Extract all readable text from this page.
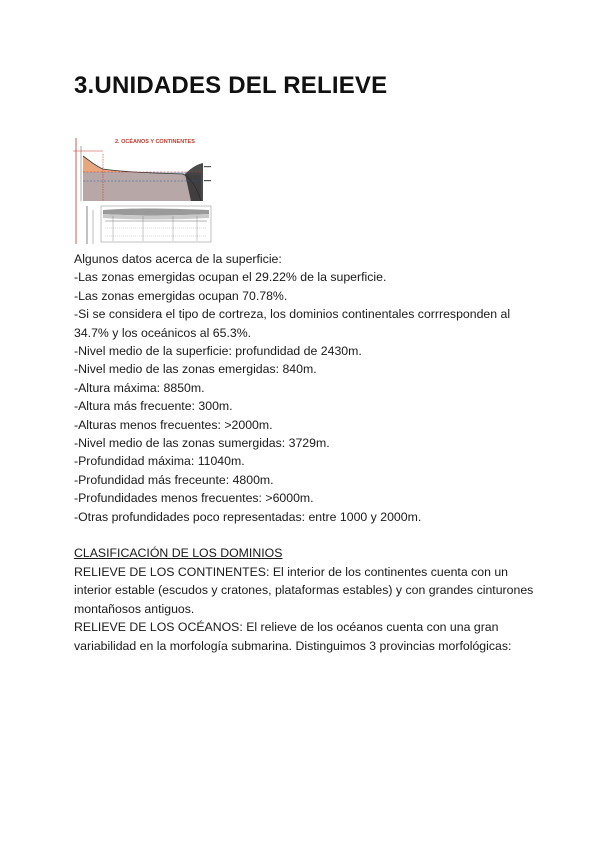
3.UNIDADES DEL RELIEVE
2. OCÉANOS Y CONTINENTES

Algunos datos acerca de la superficie:

-Las zonas emergidas ocupan el 29.22% de la superficie.

-Las zonas emergidas ocupan 70.78%.

-Si se considera el tipo de cortreza, los dominios continentales corrresponden al 34.7% y los oceánicos al 65.3%.

-Nivel medio de la superficie: profundidad de 2430m.

-Nivel medio de las zonas emergidas: 840m.

-Altura máxima: 8850m.

-Altura más frecuente: 300m.

-Alturas menos frecuentes: >2000m.

-Nivel medio de las zonas sumergidas: 3729m.

-Profundidad máxima: 11040m.

-Profundidad más freceunte: 4800m.

-Profundidades menos frecuentes: >6000m.

-Otras profundidades poco representadas: entre 1000 y 2000m.

CLASIFICACIÓN DE LOS DOMINIOS

RELIEVE DE LOS CONTINENTES: El interior de los continentes cuenta con un interior estable (escudos y cratones, plataformas estables) y con grandes cinturones montañosos antiguos.

RELIEVE DE LOS OCÉANOS: El relieve de los océanos cuenta con una gran variabilidad en la morfología submarina. Distinguimos 3 provincias morfológicas:
